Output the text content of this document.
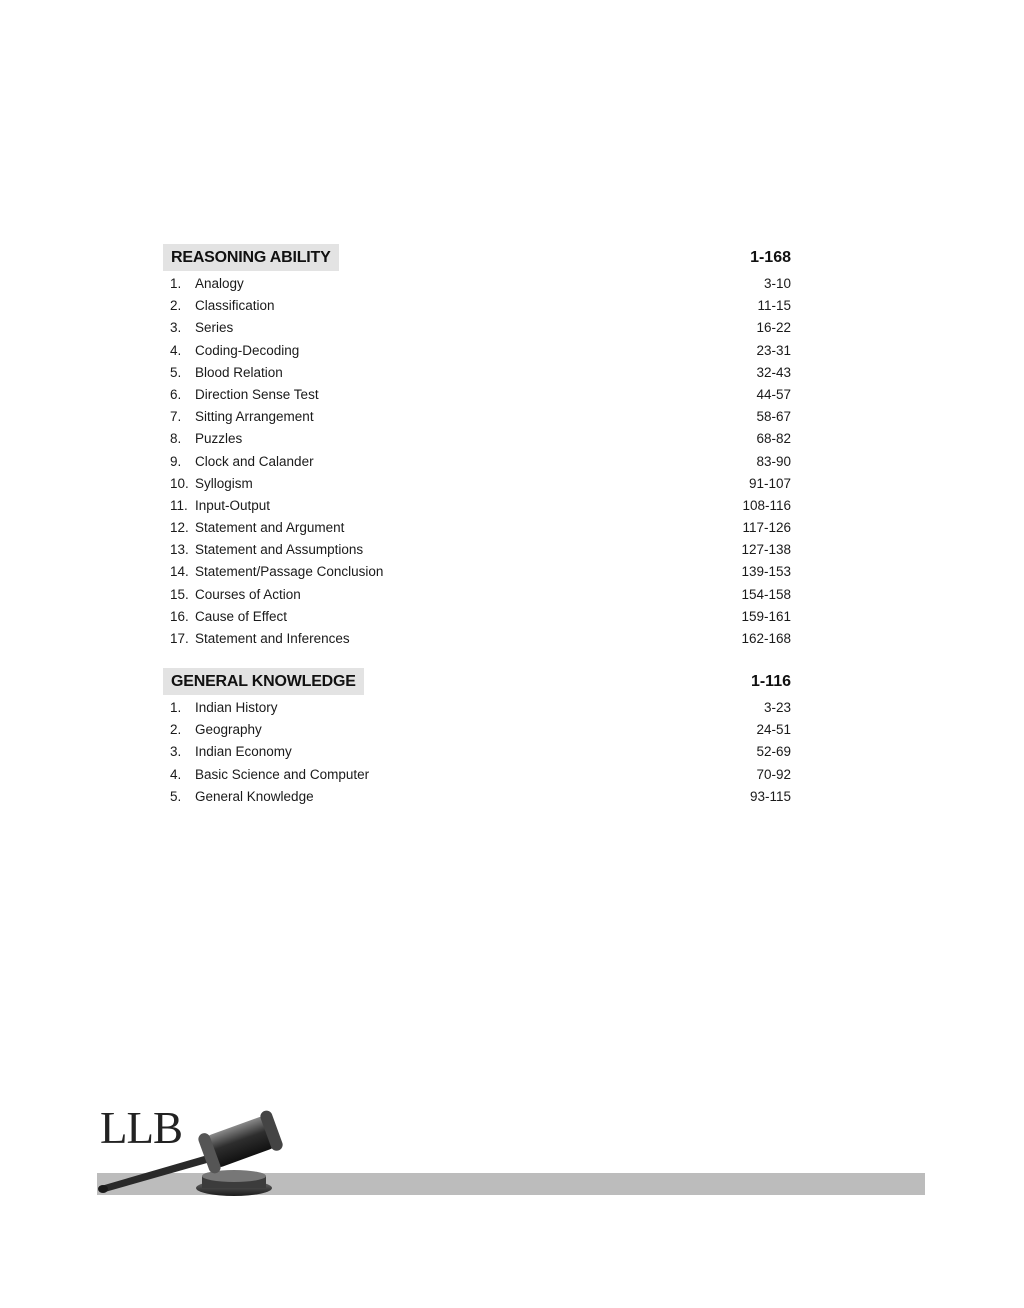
REASONING ABILITY	1-168
1. Analogy	3-10
2. Classification	11-15
3. Series	16-22
4. Coding-Decoding	23-31
5. Blood Relation	32-43
6. Direction Sense Test	44-57
7. Sitting Arrangement	58-67
8. Puzzles	68-82
9. Clock and Calander	83-90
10. Syllogism	91-107
11. Input-Output	108-116
12. Statement and Argument	117-126
13. Statement and Assumptions	127-138
14. Statement/Passage Conclusion	139-153
15. Courses of Action	154-158
16. Cause of Effect	159-161
17. Statement and Inferences	162-168
GENERAL KNOWLEDGE	1-116
1. Indian History	3-23
2. Geography	24-51
3. Indian Economy	52-69
4. Basic Science and Computer	70-92
5. General Knowledge	93-115
LLB
